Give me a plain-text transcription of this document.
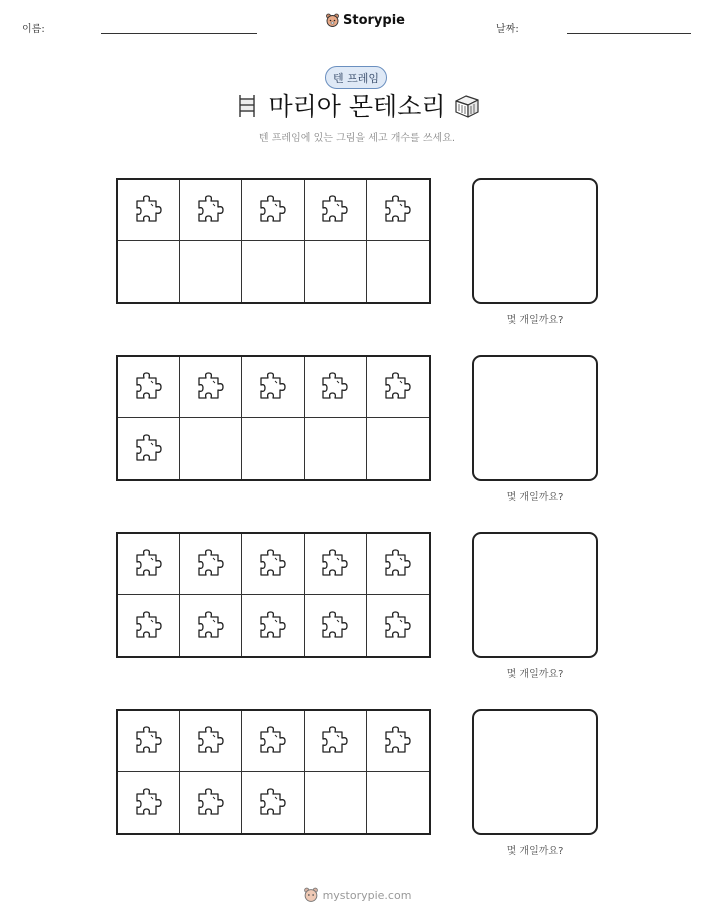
이름:
Storypie
날짜:
텐 프레임
마리아 몬테소리
텐 프레임에 있는 그림을 세고 개수를 쓰세요.
몇 개일까요?
몇 개일까요?
몇 개일까요?
몇 개일까요?
mystorypie.com
